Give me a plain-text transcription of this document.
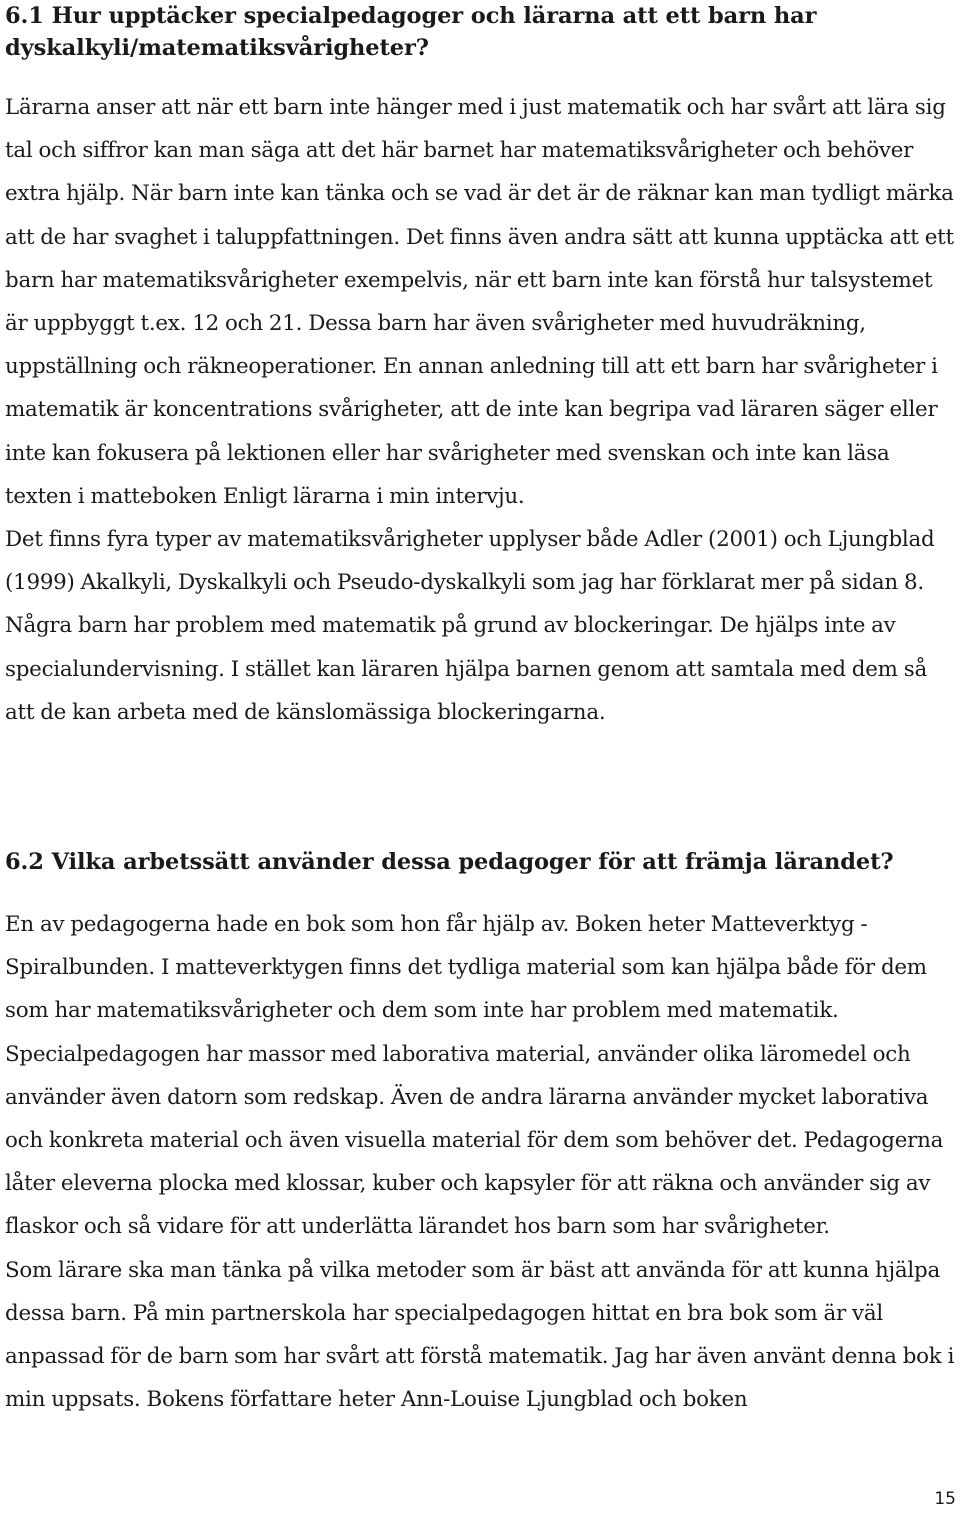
6.1 Hur upptäcker specialpedagoger och lärarna att ett barn har dyskalkyli/matematiksvårigheter?

Lärarna anser att när ett barn inte hänger med i just matematik och har svårt att lära sig tal och siffror kan man säga att det här barnet har matematiksvårigheter och behöver extra hjälp. När barn inte kan tänka och se vad är det är de räknar kan man tydligt märka att de har svaghet i taluppfattningen. Det finns även andra sätt att kunna upptäcka att ett barn har matematiksvårigheter exempelvis, när ett barn inte kan förstå hur talsystemet är uppbyggt t.ex. 12 och 21. Dessa barn har även svårigheter med huvudräkning, uppställning och räkneoperationer. En annan anledning till att ett barn har svårigheter i matematik är koncentrations svårigheter, att de inte kan begripa vad läraren säger eller inte kan fokusera på lektionen eller har svårigheter med svenskan och inte kan läsa texten i matteboken Enligt lärarna i min intervju.

Det finns fyra typer av matematiksvårigheter upplyser både Adler (2001) och Ljungblad (1999) Akalkyli, Dyskalkyli och Pseudo-dyskalkyli som jag har förklarat mer på sidan 8.

Några barn har problem med matematik på grund av blockeringar. De hjälps inte av specialundervisning. I stället kan läraren hjälpa barnen genom att samtala med dem så att de kan arbeta med de känslomässiga blockeringarna.

6.2 Vilka arbetssätt använder dessa pedagoger för att främja lärandet?

En av pedagogerna hade en bok som hon får hjälp av. Boken heter Matteverktyg - Spiralbunden. I matteverktygen finns det tydliga material som kan hjälpa både för dem som har matematiksvårigheter och dem som inte har problem med matematik. Specialpedagogen har massor med laborativa material, använder olika läromedel och använder även datorn som redskap. Även de andra lärarna använder mycket laborativa och konkreta material och även visuella material för dem som behöver det. Pedagogerna låter eleverna plocka med klossar, kuber och kapsyler för att räkna och använder sig av flaskor och så vidare för att underlätta lärandet hos barn som har svårigheter.

Som lärare ska man tänka på vilka metoder som är bäst att använda för att kunna hjälpa dessa barn. På min partnerskola har specialpedagogen hittat en bra bok som är väl anpassad för de barn som har svårt att förstå matematik. Jag har även använt denna bok i min uppsats. Bokens författare heter Ann-Louise Ljungblad och boken

15
